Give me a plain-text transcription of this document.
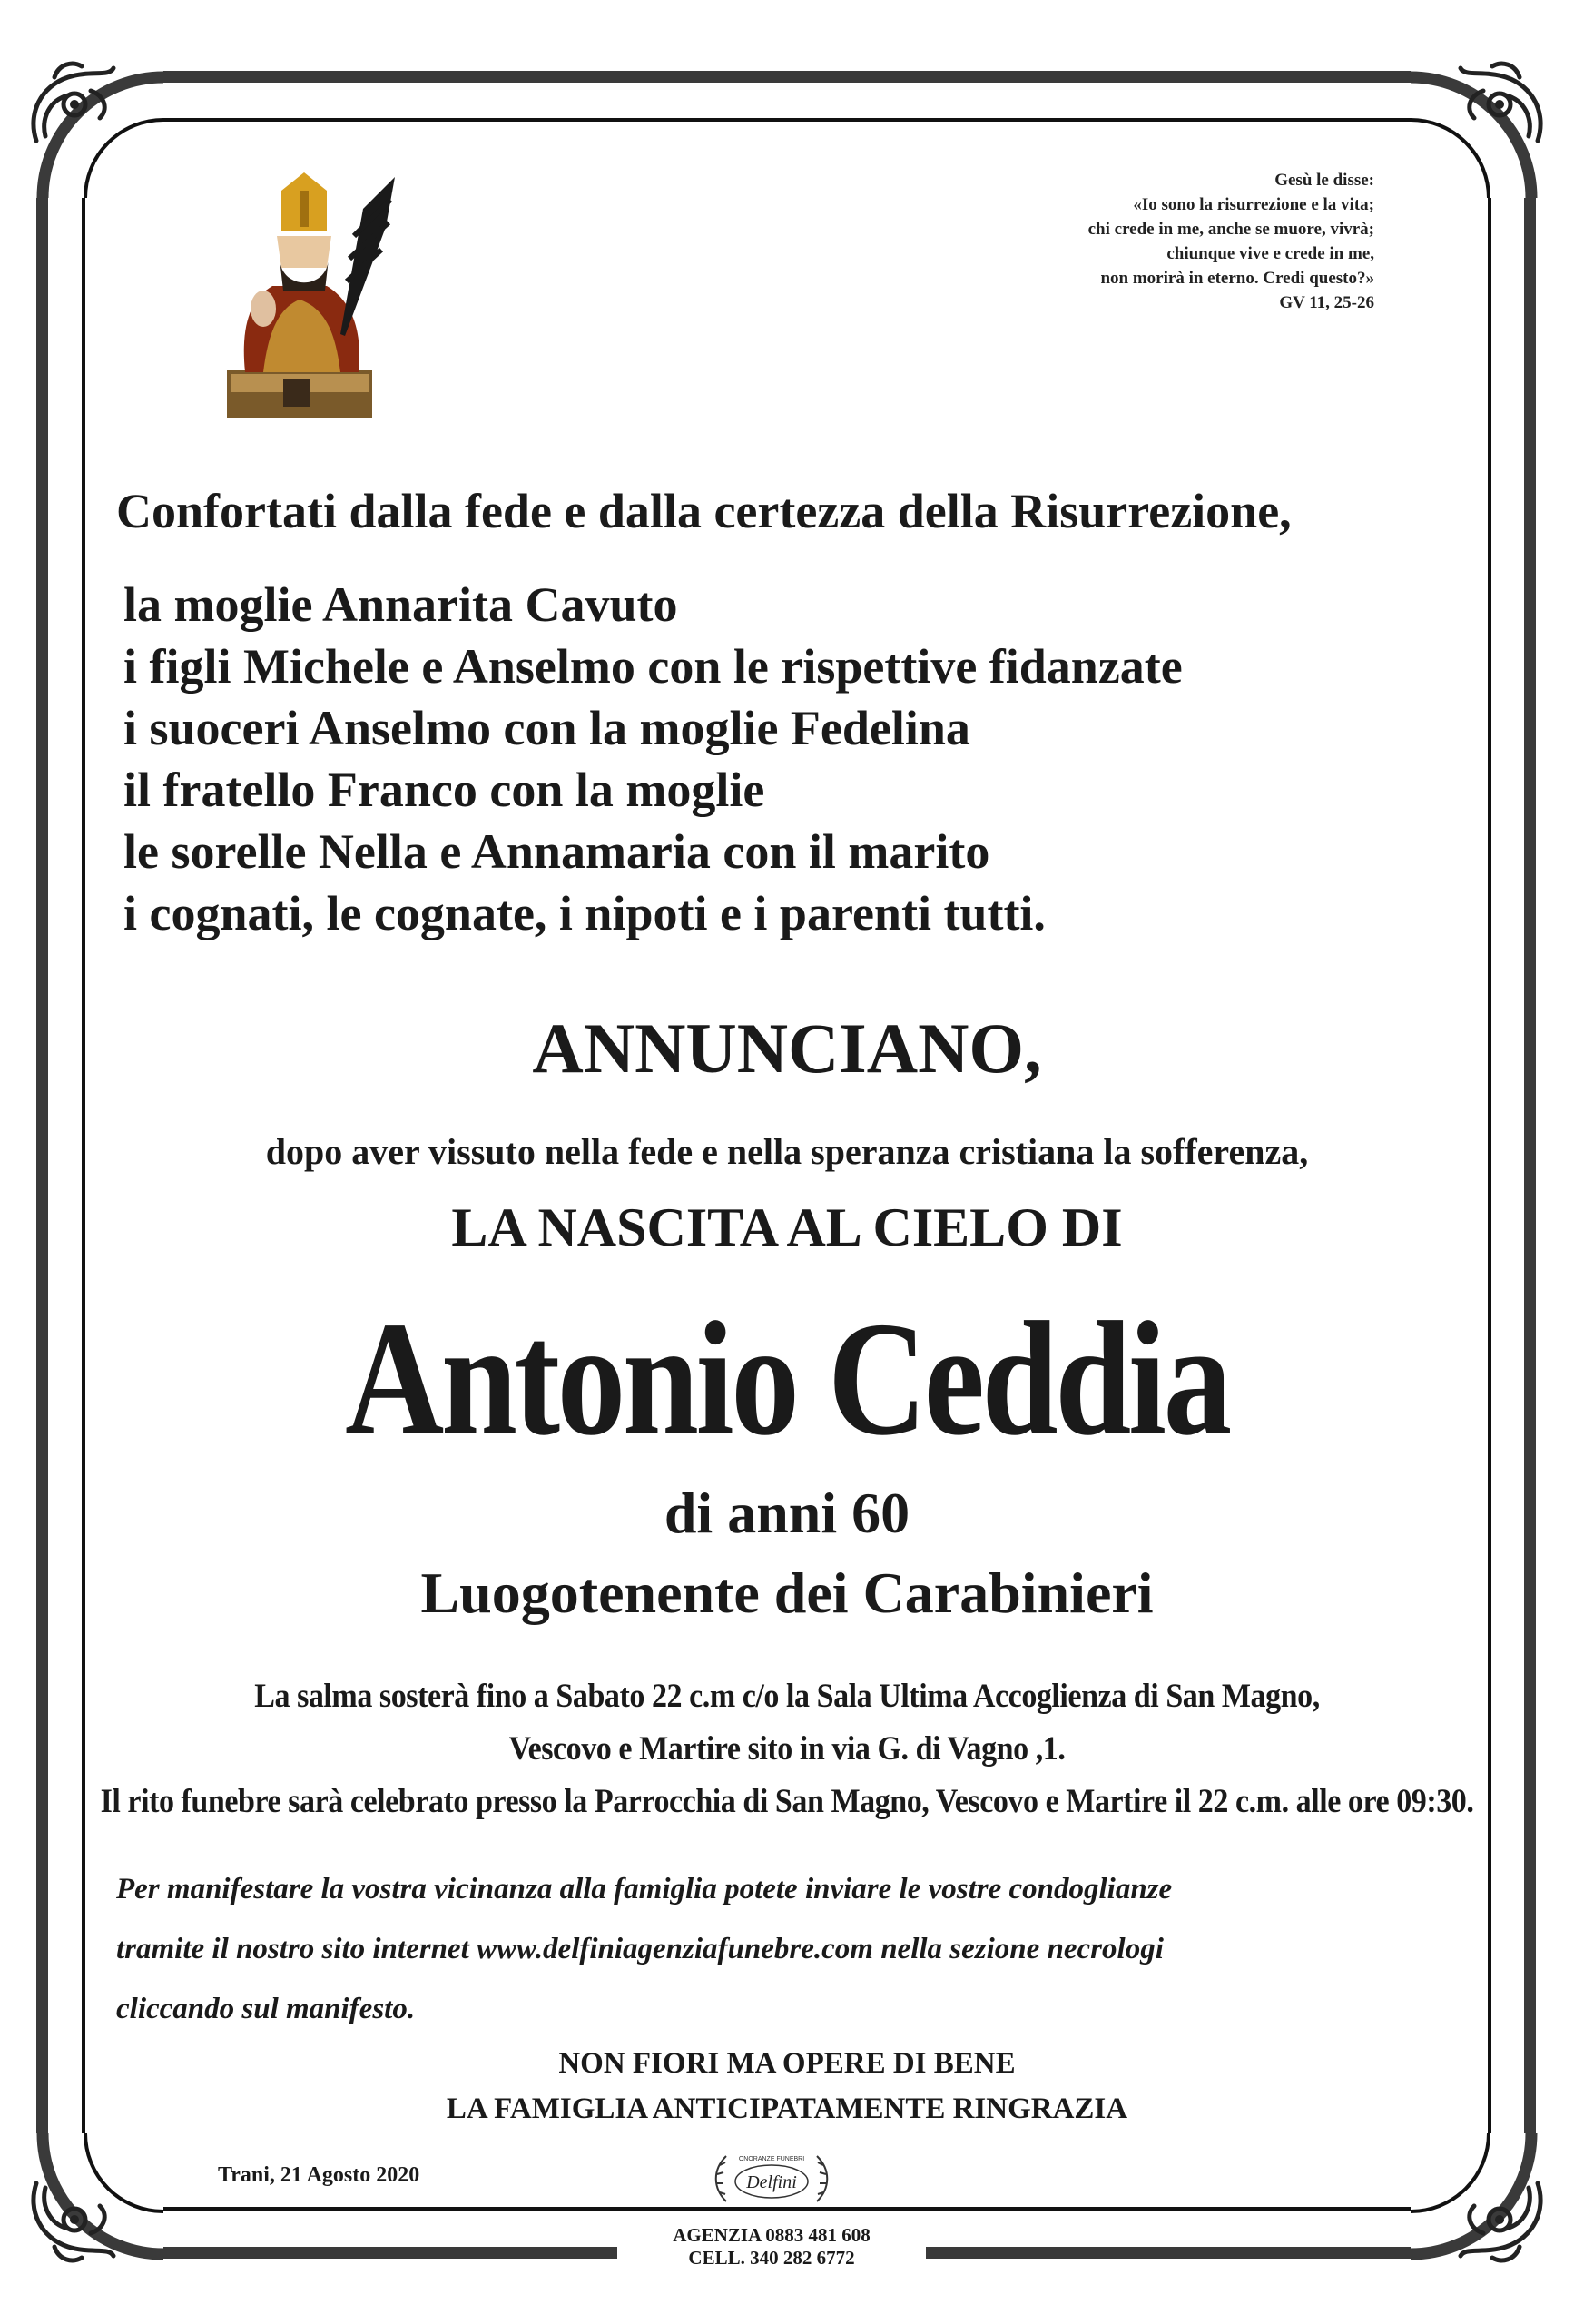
Gesù le disse:
«Io sono la risurrezione e la vita;
chi crede in me, anche se muore, vivrà;
chiunque vive e crede in me,
non morirà in eterno. Credi questo?»
GV 11, 25-26
Confortati dalla fede e dalla certezza della Risurrezione,
la moglie Annarita Cavuto
i figli Michele e Anselmo con le rispettive fidanzate
i suoceri Anselmo con la moglie Fedelina
il fratello Franco con la moglie
le sorelle Nella e Annamaria con il marito
i cognati, le cognate, i nipoti e i parenti tutti.
ANNUNCIANO,
dopo aver vissuto nella fede e nella speranza cristiana la sofferenza,
LA NASCITA AL CIELO DI
Antonio Ceddia
di anni 60
Luogotenente dei Carabinieri
La salma sosterà fino a Sabato 22 c.m c/o la Sala Ultima Accoglienza di San Magno,
Vescovo e Martire sito in via G. di Vagno ,1.
Il rito funebre sarà celebrato presso la Parrocchia di San Magno, Vescovo e Martire il 22 c.m. alle ore 09:30.
Per manifestare la vostra vicinanza alla famiglia potete inviare le vostre condoglianze
tramite il nostro sito internet www.delfiniagenziafunebre.com nella sezione necrologi
cliccando sul manifesto.
NON FIORI MA OPERE DI BENE
LA FAMIGLIA ANTICIPATAMENTE RINGRAZIA
Trani, 21 Agosto 2020
ONORANZE FUNEBRI
Delfini
AGENZIA 0883 481 608
CELL. 340 282 6772
